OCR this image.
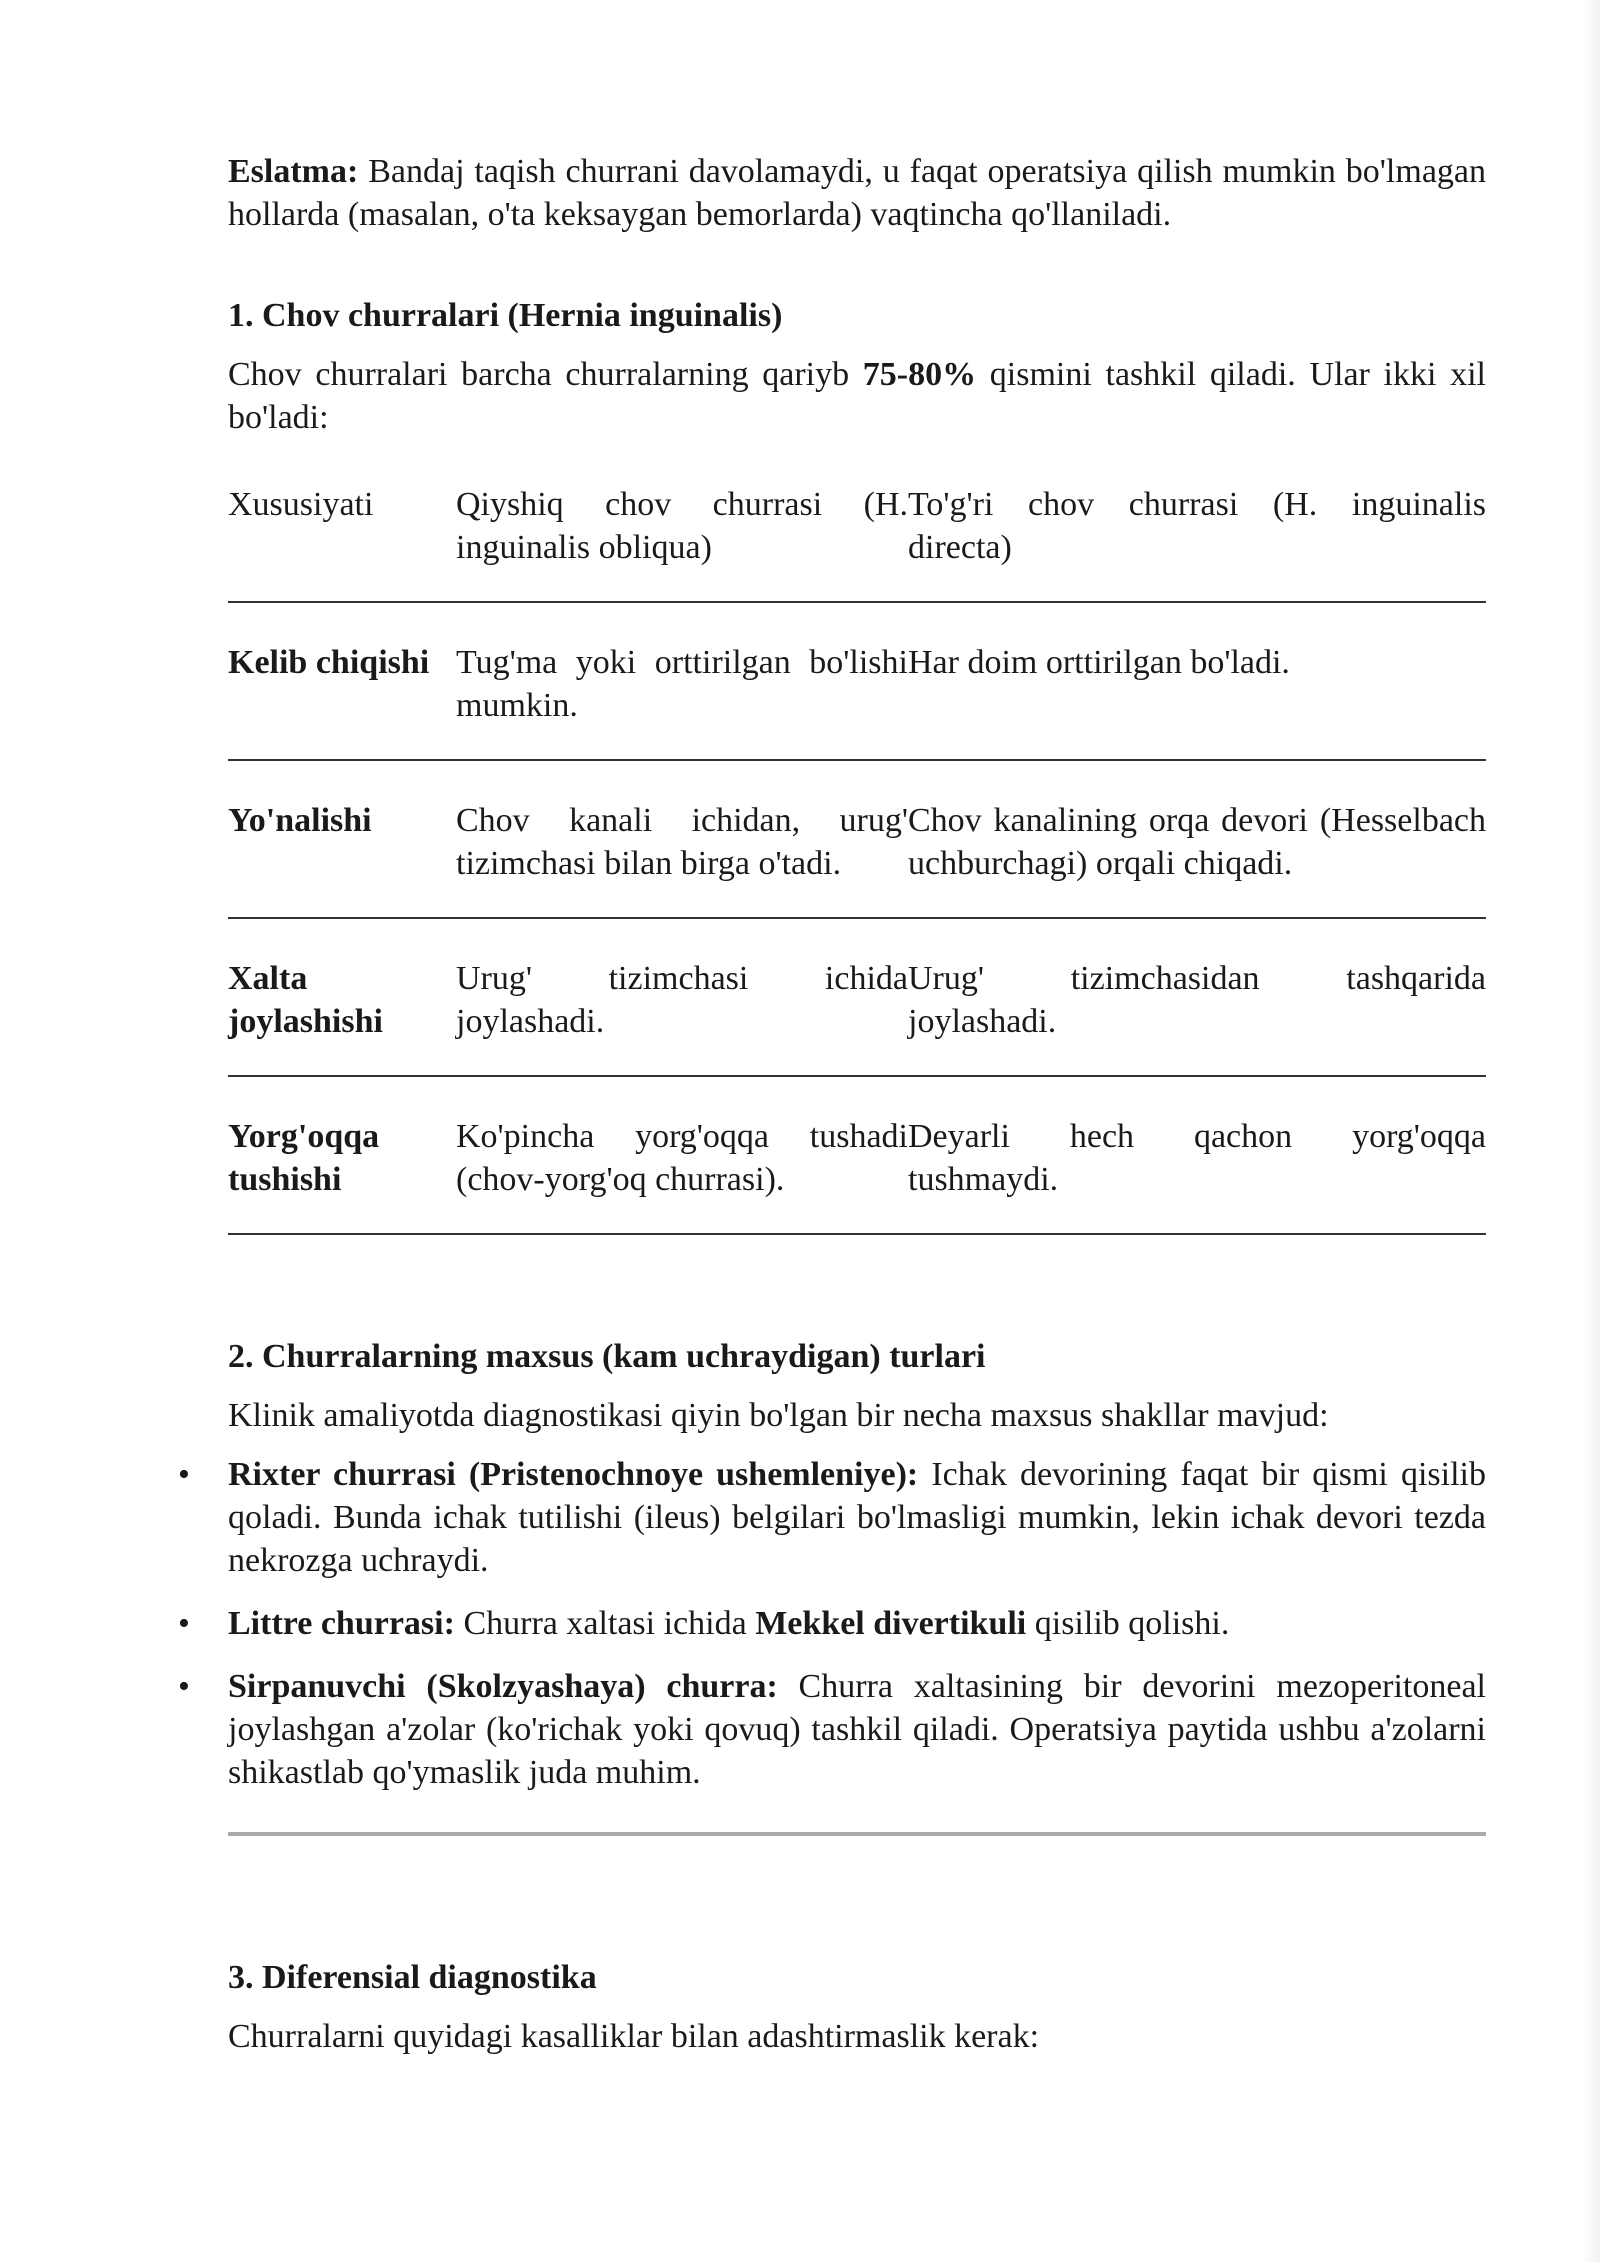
Eslatma: Bandaj taqish churrani davolamaydi, u faqat operatsiya qilish mumkin bo'lmagan hollarda (masalan, o'ta keksaygan bemorlarda) vaqtincha qo'llaniladi.

1. Chov churralari (Hernia inguinalis)

Chov churralari barcha churralarning qariyb 75-80% qismini tashkil qiladi. Ular ikki xil bo'ladi:

Xususiyati	Qiyshiq chov churrasi (H. inguinalis obliqua)	To'g'ri chov churrasi (H. inguinalis directa)
Kelib chiqishi	Tug'ma yoki orttirilgan bo'lishi mumkin.	Har doim orttirilgan bo'ladi.
Yo'nalishi	Chov kanali ichidan, urug' tizimchasi bilan birga o'tadi.	Chov kanalining orqa devori (Hesselbach uchburchagi) orqali chiqadi.
Xalta joylashishi	Urug' tizimchasi ichida joylashadi.	Urug' tizimchasidan tashqarida joylashadi.
Yorg'oqqa tushishi	Ko'pincha yorg'oqqa tushadi (chov-yorg'oq churrasi).	Deyarli hech qachon yorg'oqqa tushmaydi.
2. Churralarning maxsus (kam uchraydigan) turlari

Klinik amaliyotda diagnostikasi qiyin bo'lgan bir necha maxsus shakllar mavjud:

• Rixter churrasi (Pristenochnoye ushemleniye): Ichak devorining faqat bir qismi qisilib qoladi. Bunda ichak tutilishi (ileus) belgilari bo'lmasligi mumkin, lekin ichak devori tezda nekrozga uchraydi.
• Littre churrasi: Churra xaltasi ichida Mekkel divertikuli qisilib qolishi.
• Sirpanuvchi (Skolzyashaya) churra: Churra xaltasining bir devorini mezoperitoneal joylashgan a'zolar (ko'richak yoki qovuq) tashkil qiladi. Operatsiya paytida ushbu a'zolarni shikastlab qo'ymaslik juda muhim.
3. Diferensial diagnostika

Churralarni quyidagi kasalliklar bilan adashtirmaslik kerak:
